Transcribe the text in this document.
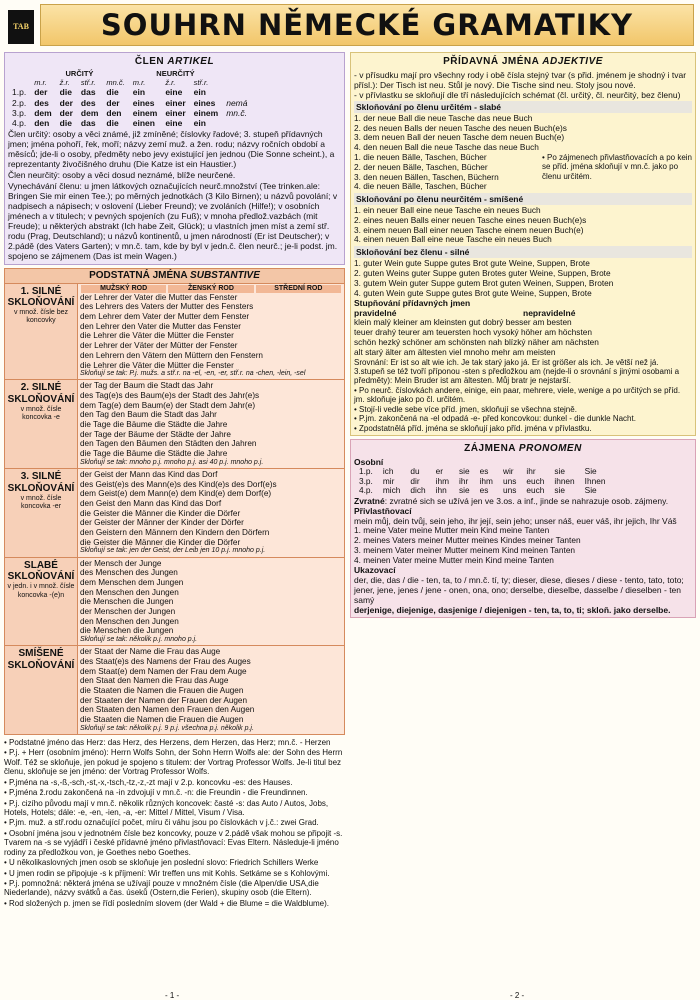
TAB	SOUHRN NĚMECKÉ GRAMATIKY
ČLEN ARTIKEL
	URČITÝ				NEURČITÝ			
	m.r.	ž.r.	stř.r.	mn.č.	m.r.	ž.r.	stř.r.	
1.p.	der	die	das	die	ein	eine	ein	
2.p.	des	der	des	der	eines	einer	eines	nemá
3.p.	dem	der	dem	den	einem	einer	einem	mn.č.
4.p.	den	die	das	die	einen	eine	ein	

Člen určitý: osoby a věci známé, již zmíněné; číslovky řadové; 3. stupeň přídavných jmen; jména pohoří, řek, moří; názvy zemí muž. a žen. rodu; názvy ročních období a měsíců; jde-li o osoby, předměty nebo jevy existující jen jednou (Die Sonne scheint.), a reprezentanty živočišného druhu (Die Katze ist ein Haustier.)

Člen neurčitý: osoby a věci dosud neznámé, blíže neurčené.

Vynechávání členu: u jmen látkových označujících neurč.množství (Tee trinken.ale: Bringen Sie mir einen Tee.); po měrných jednotkách (3 Kilo Birnen); u názvů povolání; v nadpisech a nápisech; v oslovení (Lieber Freund); ve zvoláních (Hilfe!); v osobních jménech a v titulech; v pevných spojeních (zu Fuß); v mnoha předlož.vazbách (mit Freude); u některých abstrakt (Ich habe Zeit, Glück); u vlastních jmen míst a zemí stř. rodu (Prag, Deutschland); u názvů kontinentů, u jmen národností (Er ist Deutscher); v 2.pádě (des Vaters Garten); v mn.č. tam, kde by byl v jedn.č. člen neurč.; je-li podst. jm. spojeno se zájmenem (Das ist mein Wagen.)

PODSTATNÁ JMÉNA SUBSTANTIVE
1. SILNÉ SKLOŇOVÁNÍ
v množ. čísle bez koncovky
MUŽSKÝ ROD	ŽENSKÝ ROD	STŘEDNÍ ROD
der Lehrer der Vater die Mutter das Fenster
des Lehrers des Vaters der Mutter des Fensters
dem Lehrer dem Vater der Mutter dem Fenster
den Lehrer den Vater die Mutter das Fenster
die Lehrer die Väter die Mütter die Fenster
der Lehrer der Väter der Mütter der Fenster
den Lehrern den Vätern den Müttern den Fenstern
die Lehrer die Väter die Mütter die Fenster
Skloňují se tak: P.j. mužs. a stř.r. na -el, -en, -er, stř.r. na -chen, -lein, -sel
2. SILNÉ SKLOŇOVÁNÍ
v množ. čísle koncovka -e
der Tag der Baum die Stadt das Jahr
des Tag(e)s des Baum(e)s der Stadt des Jahr(e)s
dem Tag(e) dem Baum(e) der Stadt dem Jahr(e)
den Tag den Baum die Stadt das Jahr
die Tage die Bäume die Städte die Jahre
der Tage der Bäume der Städte der Jahre
den Tagen den Bäumen den Städten den Jahren
die Tage die Bäume die Städte die Jahre
Skloňují se tak: mnoho p.j. mnoho p.j. asi 40 p.j. mnoho p.j.
3. SILNÉ SKLOŇOVÁNÍ
v množ. čísle koncovka -er
der Geist der Mann das Kind das Dorf
des Geist(e)s des Mann(e)s des Kind(e)s des Dorf(e)s
dem Geist(e) dem Mann(e) dem Kind(e) dem Dorf(e)
den Geist den Mann das Kind das Dorf
die Geister die Männer die Kinder die Dörfer
der Geister der Männer der Kinder der Dörfer
den Geistern den Männern den Kindern den Dörfern
die Geister die Männer die Kinder die Dörfer
Skloňují se tak: jen der Geist, der Leib jen 10 p.j. mnoho p.j.
SLABÉ SKLOŇOVÁNÍ
v jedn. i v množ. čísle koncovka -(e)n
der Mensch der Junge
des Menschen des Jungen
dem Menschen dem Jungen
den Menschen den Jungen
die Menschen die Jungen
der Menschen der Jungen
den Menschen den Jungen
die Menschen die Jungen
Skloňují se tak: několik p.j. mnoho p.j.
SMÍŠENÉ SKLOŇOVÁNÍ
der Staat der Name die Frau das Auge
des Staat(e)s des Namens der Frau des Auges
dem Staat(e) dem Namen der Frau dem Auge
den Staat den Namen die Frau das Auge
die Staaten die Namen die Frauen die Augen
der Staaten der Namen der Frauen der Augen
den Staaten den Namen den Frauen den Augen
die Staaten die Namen die Frauen die Augen
Skloňují se tak: několik p.j. 9 p.j. všechna p.j. několik p.j.

• Podstatné jméno das Herz: das Herz, des Herzens, dem Herzen, das Herz; mn.č. - Herzen

• P.j. + Herr (osobním jméno): Herrn Wolfs Sohn, der Sohn Herrn Wolfs ale: der Sohn des Herrn Wolf. Též se skloňuje, jen pokud je spojeno s titulem: der Vortrag Professor Wolfs. Je-li titul bez členu, skloňuje se jen jméno: der Vortrag Professor Wolfs.

• P.jména na -s,-ß,-sch,-st,-x,-tsch,-tz,-z,-zt mají v 2.p. koncovku -es: des Hauses.

• P.jména ž.rodu zakončená na -in zdvojují v mn.č. -n: die Freundin - die Freundinnen.

• P.j. cizího původu mají v mn.č. několik různých koncovek: časté -s: das Auto / Autos, Jobs, Hotels, Hotels; dále: -e, -en, -ien, -a, -er: Mittel / Mittel, Visum / Visa.

• P.jm. muž. a stř.rodu označující počet, míru či váhu jsou po číslovkách v j.č.: zwei Grad.

• Osobní jména jsou v jednotném čísle bez koncovky, pouze v 2.pádě však mohou se připojit -s. Tvarem na -s se vyjádří i české přídavné jméno přivlastňovací: Evas Eltern. Následuje-li jméno rodiny za předložkou von, je Goethes nebo Goethes.

• U několikaslovných jmen osob se skloňuje jen poslední slovo: Friedrich Schillers Werke

• U jmen rodin se připojuje -s k příjmení: Wir treffen uns mit Kohls. Setkáme se s Kohlovými.

• P.j. pomnožná: některá jména se užívají pouze v množném čísle (die Alpen/die USA,die Niederlande), názvy svátků a čas. úseků (Ostern,die Ferien), skupiny osob (die Eltern).

• Rod složených p. jmen se řídí posledním slovem (der Wald + die Blume = die Waldblume).

PŘÍDAVNÁ JMÉNA ADJEKTIVE
- v přísudku mají pro všechny rody i obě čísla stejný tvar (s přid. jménem je shodný i tvar přísl.): Der Tisch ist neu. Stůl je nový. Die Tische sind neu. Stoly jsou nové.
- v přívlastku se skloňují dle tří následujících schémat (čl. určitý, čl. neurčitý, bez členu)
Skloňování po členu určitém - slabé
1. der neue Ball die neue Tasche das neue Buch
2. des neuen Balls der neuen Tasche des neuen Buch(e)s
3. dem neuen Ball der neuen Tasche dem neuen Buch(e)
4. den neuen Ball die neue Tasche das neue Buch
1. die neuen Bälle, Taschen, Bücher
2. der neuen Bälle, Taschen, Bücher
3. den neuen Bällen, Taschen, Büchern
4. die neuen Bälle, Taschen, Bücher
• Po zájmenech přivlastňovacích a po kein se příd. jména skloňují v mn.č. jako po členu určitém.
Skloňování po členu neurčitém - smíšené
1. ein neuer Ball eine neue Tasche ein neues Buch
2. eines neuen Balls einer neuen Tasche eines neuen Buch(e)s
3. einem neuen Ball einer neuen Tasche einem neuen Buch(e)
4. einen neuen Ball eine neue Tasche ein neues Buch
Skloňování bez členu - silné
1. guter Wein gute Suppe gutes Brot gute Weine, Suppen, Brote
2. guten Weins guter Suppe guten Brotes guter Weine, Suppen, Brote
3. gutem Wein guter Suppe gutem Brot guten Weinen, Suppen, Broten
4. guten Wein gute Suppe gutes Brot gute Weine, Suppen, Brote
Stupňování přídavných jmen
pravidelné	nepravidelné
klein malý kleiner am kleinsten gut dobrý besser am besten
teuer drahý teurer am teuersten hoch vysoký höher am höchsten
schön hezký schöner am schönsten nah blízký näher am nächsten
alt starý älter am ältesten viel mnoho mehr am meisten
Srovnání: Er ist so alt wie ich. Je tak starý jako já. Er ist größer als ich. Je větší než já.
3.stupeň se též tvoří příponou -sten s předložkou am (nejde-li o srovnání s jinými osobami a předměty): Mein Bruder ist am ältesten. Můj bratr je nejstarší.
• Po neurč. číslovkách andere, einige, ein paar, mehrere, viele, wenige a po určitých se příd. jm. skloňuje jako po čl. určitém.
• Stojí-li vedle sebe více příd. jmen, skloňují se všechna stejně.
• P.jm. zakončená na -el odpadá -e- před koncovkou: dunkel - die dunkle Nacht.
• Zpodstatnělá příd. jména se skloňují jako příd. jména v přívlastku.
ZÁJMENA PRONOMEN
Osobní
1.p.	ich	du	er	sie	es	wir	ihr	sie	Sie
3.p.	mir	dir	ihm	ihr	ihm	uns	euch	ihnen	Ihnen
4.p.	mich	dich	ihn	sie	es	uns	euch	sie	Sie
Zvratné: zvratné sich se užívá jen ve 3.os. a inf., jinde se nahrazuje osob. zájmeny.
Přivlastňovací
mein můj, dein tvůj, sein jeho, ihr její, sein jeho; unser náš, euer váš, ihr jejich, Ihr Váš
1. meine Vater meine Mutter mein Kind meine Tanten
2. meines Vaters meiner Mutter meines Kindes meiner Tanten
3. meinem Vater meiner Mutter meinem Kind meinen Tanten
4. meinen Vater meine Mutter mein Kind meine Tanten
Ukazovací
der, die, das / die - ten, ta, to / mn.č. tí, ty; dieser, diese, dieses / diese - tento, tato, toto; jener, jene, jenes / jene - onen, ona, ono; derselbe, dieselbe, dasselbe / dieselben - ten samý
derjenige, diejenige, dasjenige / diejenigen - ten, ta, to, ti; skloň. jako derselbe.
- 1 -	- 2 -
